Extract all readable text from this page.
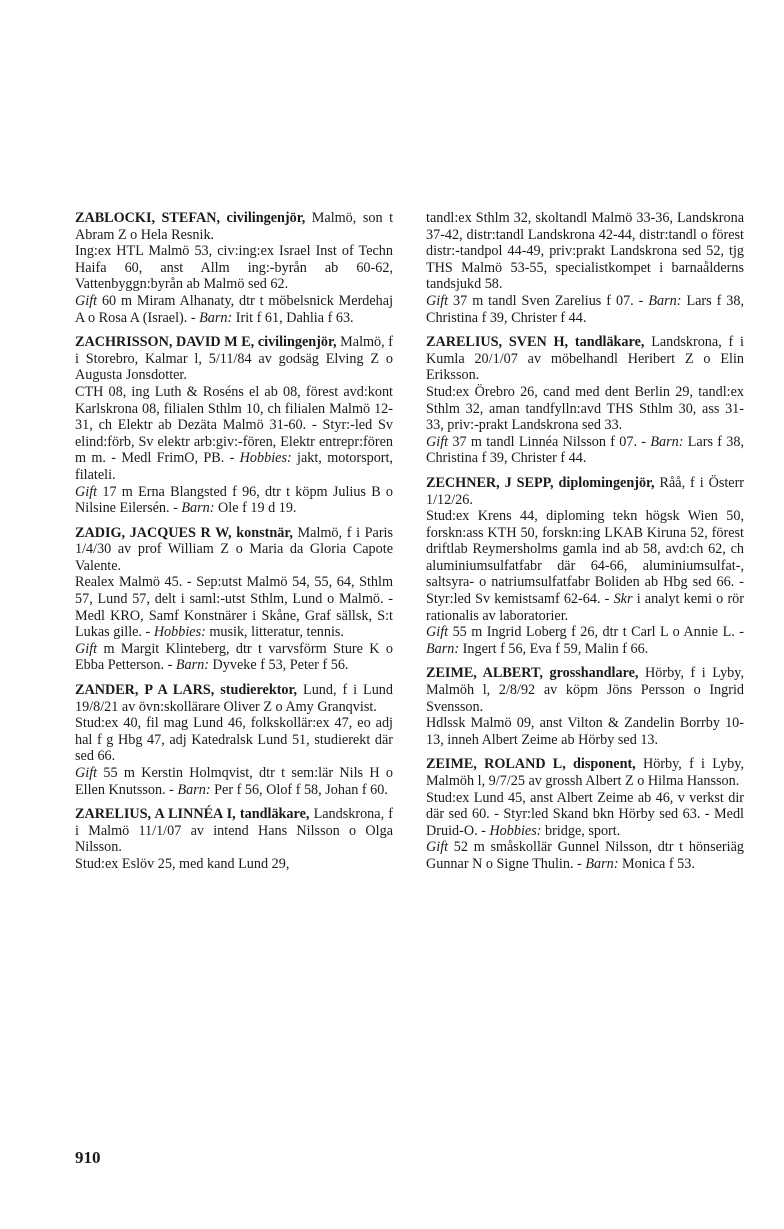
ZABLOCKI, STEFAN, civilingenjör, Malmö, son t Abram Z o Hela Resnik.

Ing:ex HTL Malmö 53, civ:ing:ex Israel Inst of Techn Haifa 60, anst Allm ing:-byrån ab 60-62, Vattenbyggn:byrån ab Malmö sed 62.

Gift 60 m Miram Alhanaty, dtr t möbelsnick Merdehaj A o Rosa A (Israel). - Barn: Irit f 61, Dahlia f 63.

ZACHRISSON, DAVID M E, civilingenjör, Malmö, f i Storebro, Kalmar l, 5/11/84 av godsäg Elving Z o Augusta Jonsdotter.

CTH 08, ing Luth & Roséns el ab 08, förest avd:kont Karlskrona 08, filialen Sthlm 10, ch filialen Malmö 12-31, ch Elektr ab Dezäta Malmö 31-60. - Styr:-led Sv elind:förb, Sv elektr arb:giv:-fören, Elektr entrepr:fören m m. - Medl FrimO, PB. - Hobbies: jakt, motorsport, filateli.

Gift 17 m Erna Blangsted f 96, dtr t köpm Julius B o Nilsine Eilersén. - Barn: Ole f 19 d 19.

ZADIG, JACQUES R W, konstnär, Malmö, f i Paris 1/4/30 av prof William Z o Maria da Gloria Capote Valente.

Realex Malmö 45. - Sep:utst Malmö 54, 55, 64, Sthlm 57, Lund 57, delt i saml:-utst Sthlm, Lund o Malmö. - Medl KRO, Samf Konstnärer i Skåne, Graf sällsk, S:t Lukas gille. - Hobbies: musik, litteratur, tennis.

Gift m Margit Klinteberg, dtr t varvsförm Sture K o Ebba Petterson. - Barn: Dyveke f 53, Peter f 56.

ZANDER, P A LARS, studierektor, Lund, f i Lund 19/8/21 av övn:skollärare Oliver Z o Amy Granqvist.

Stud:ex 40, fil mag Lund 46, folkskollär:ex 47, eo adj hal f g Hbg 47, adj Katedralsk Lund 51, studierekt där sed 66.

Gift 55 m Kerstin Holmqvist, dtr t sem:lär Nils H o Ellen Knutsson. - Barn: Per f 56, Olof f 58, Johan f 60.

ZARELIUS, A LINNÉA I, tandläkare, Landskrona, f i Malmö 11/1/07 av intend Hans Nilsson o Olga Nilsson.

Stud:ex Eslöv 25, med kand Lund 29,

tandl:ex Sthlm 32, skoltandl Malmö 33-36, Landskrona 37-42, distr:tandl Landskrona 42-44, distr:tandl o förest distr:-tandpol 44-49, priv:prakt Landskrona sed 52, tjg THS Malmö 53-55, specialistkompet i barnaålderns tandsjukd 58.

Gift 37 m tandl Sven Zarelius f 07. - Barn: Lars f 38, Christina f 39, Christer f 44.

ZARELIUS, SVEN H, tandläkare, Landskrona, f i Kumla 20/1/07 av möbelhandl Heribert Z o Elin Eriksson.

Stud:ex Örebro 26, cand med dent Berlin 29, tandl:ex Sthlm 32, aman tandfylln:avd THS Sthlm 30, ass 31-33, priv:-prakt Landskrona sed 33.

Gift 37 m tandl Linnéa Nilsson f 07. - Barn: Lars f 38, Christina f 39, Christer f 44.

ZECHNER, J SEPP, diplomingenjör, Råå, f i Österr 1/12/26.

Stud:ex Krens 44, diploming tekn högsk Wien 50, forskn:ass KTH 50, forskn:ing LKAB Kiruna 52, förest driftlab Reymersholms gamla ind ab 58, avd:ch 62, ch aluminiumsulfatfabr där 64-66, aluminiumsulfat-, saltsyra- o natriumsulfatfabr Boliden ab Hbg sed 66. - Styr:led Sv kemistsamf 62-64. - Skr i analyt kemi o rör rationalis av laboratorier.

Gift 55 m Ingrid Loberg f 26, dtr t Carl L o Annie L. - Barn: Ingert f 56, Eva f 59, Malin f 66.

ZEIME, ALBERT, grosshandlare, Hörby, f i Lyby, Malmöh l, 2/8/92 av köpm Jöns Persson o Ingrid Svensson.

Hdlssk Malmö 09, anst Vilton & Zandelin Borrby 10-13, inneh Albert Zeime ab Hörby sed 13.

ZEIME, ROLAND L, disponent, Hörby, f i Lyby, Malmöh l, 9/7/25 av grossh Albert Z o Hilma Hansson.

Stud:ex Lund 45, anst Albert Zeime ab 46, v verkst dir där sed 60. - Styr:led Skand bkn Hörby sed 63. - Medl Druid-O. - Hobbies: bridge, sport.

Gift 52 m småskollär Gunnel Nilsson, dtr t hönseriäg Gunnar N o Signe Thulin. - Barn: Monica f 53.

910
